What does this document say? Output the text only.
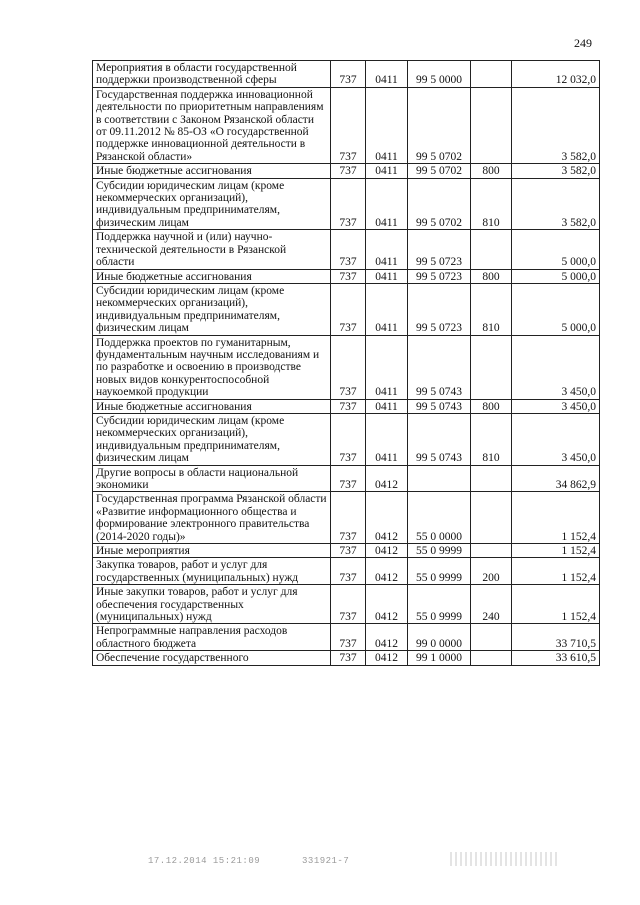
249
Мероприятия в области государственной поддержки производственной сферы	737	0411	99 5 0000		12 032,0
Государственная поддержка инновационной деятельности по приоритетным направлениям в соответствии с Законом Рязанской области от 09.11.2012 № 85-ОЗ «О государственной поддержке инновационной деятельности в Рязанской области»	737	0411	99 5 0702		3 582,0
Иные бюджетные ассигнования	737	0411	99 5 0702	800	3 582,0
Субсидии юридическим лицам (кроме некоммерческих организаций), индивидуальным предпринимателям, физическим лицам	737	0411	99 5 0702	810	3 582,0
Поддержка научной и (или) научно-технической деятельности в Рязанской области	737	0411	99 5 0723		5 000,0
Иные бюджетные ассигнования	737	0411	99 5 0723	800	5 000,0
Субсидии юридическим лицам (кроме некоммерческих организаций), индивидуальным предпринимателям, физическим лицам	737	0411	99 5 0723	810	5 000,0
Поддержка проектов по гуманитарным, фундаментальным научным исследованиям и по разработке и освоению в производстве новых видов конкурентоспособной наукоемкой продукции	737	0411	99 5 0743		3 450,0
Иные бюджетные ассигнования	737	0411	99 5 0743	800	3 450,0
Субсидии юридическим лицам (кроме некоммерческих организаций), индивидуальным предпринимателям, физическим лицам	737	0411	99 5 0743	810	3 450,0
Другие вопросы в области национальной экономики	737	0412			34 862,9
Государственная программа Рязанской области «Развитие информационного общества и формирование электронного правительства (2014-2020 годы)»	737	0412	55 0 0000		1 152,4
Иные мероприятия	737	0412	55 0 9999		1 152,4
Закупка товаров, работ и услуг для государственных (муниципальных) нужд	737	0412	55 0 9999	200	1 152,4
Иные закупки товаров, работ и услуг для обеспечения государственных (муниципальных) нужд	737	0412	55 0 9999	240	1 152,4
Непрограммные направления расходов областного бюджета	737	0412	99 0 0000		33 710,5
Обеспечение государственного	737	0412	99 1 0000		33 610,5
17.12.2014 15:21:09	331921-7
